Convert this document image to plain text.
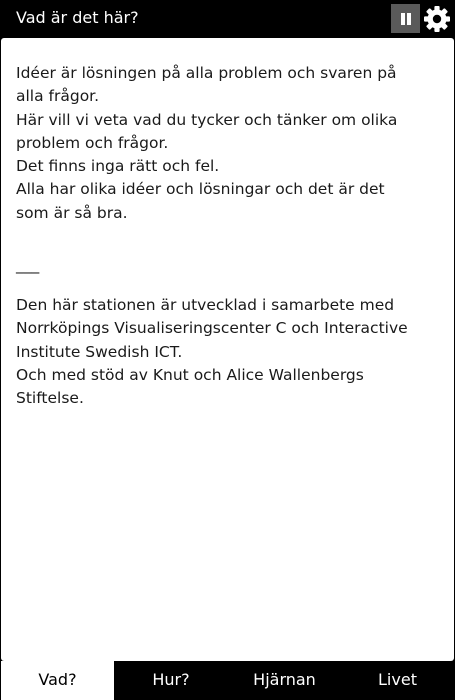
Vad är det här?

Idéer är lösningen på alla problem och svaren på alla frågor.

Här vill vi veta vad du tycker och tänker om olika problem och frågor.

Det finns inga rätt och fel.

Alla har olika idéer och lösningar och det är det som är så bra.

___

Den här stationen är utvecklad i samarbete med Norrköpings Visualiseringscenter C och Interactive Institute Swedish ICT.

Och med stöd av Knut och Alice Wallenbergs Stiftelse.

Vad?	Hur?	Hjärnan	Livet
